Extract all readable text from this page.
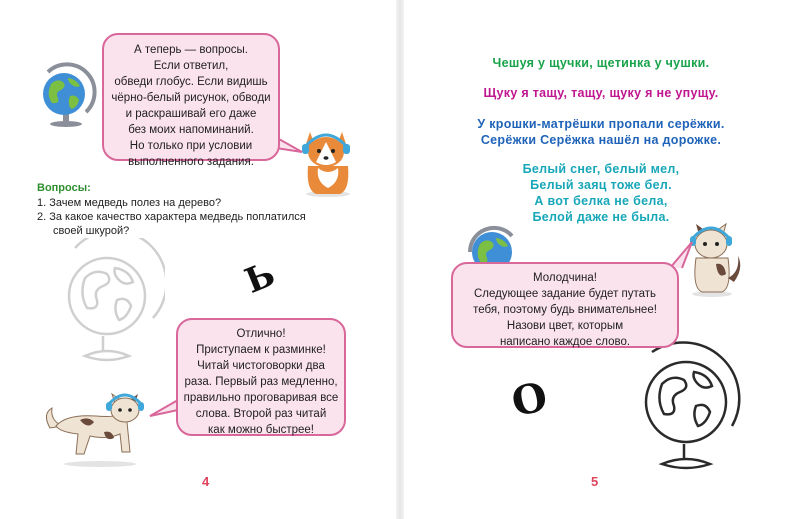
А теперь — вопросы.
Если ответил,
обведи глобус. Если видишь
чёрно-белый рисунок, обводи
и раскрашивай его даже
без моих напоминаний.
Но только при условии
выполненного задания.
Вопросы:
1. Зачем медведь полез на дерево?
2. За какое качество характера медведь поплатился
своей шкурой?
Ь
Отлично!
Приступаем к разминке!
Читай чистоговорки два
раза. Первый раз медленно,
правильно проговаривая все
слова. Второй раз читай
как можно быстрее!
4
Чешуя у щучки, щетинка у чушки.
Щуку я тащу, тащу, щуку я не упущу.
У крошки-матрёшки пропали серёжки.
Серёжки Серёжка нашёл на дорожке.
Белый снег, белый мел,
Белый заяц тоже бел.
А вот белка не бела,
Белой даже не была.
Молодчина!
Следующее задание будет путать
тебя, поэтому будь внимательнее!
Назови цвет, которым
написано каждое слово.
О
5
